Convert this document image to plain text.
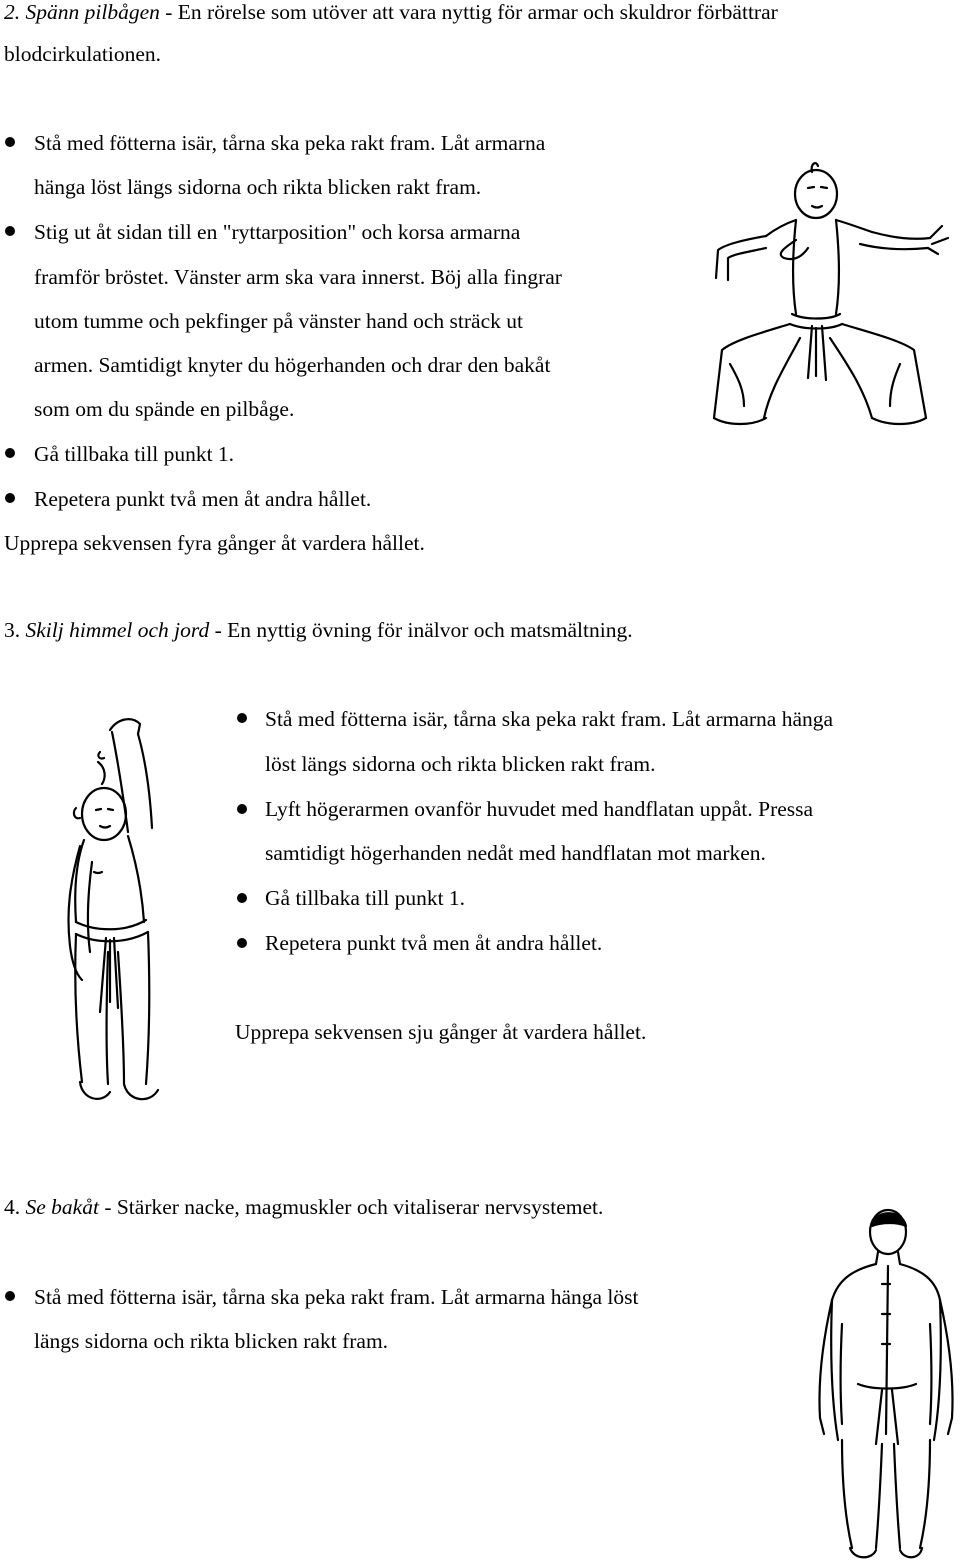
2. Spänn pilbågen - En rörelse som utöver att vara nyttig för armar och skuldror förbättrar
blodcirkulationen.
Stå med fötterna isär, tårna ska peka rakt fram. Låt armarna
hänga löst längs sidorna och rikta blicken rakt fram.
Stig ut åt sidan till en "ryttarposition" och korsa armarna
framför bröstet. Vänster arm ska vara innerst. Böj alla fingrar
utom tumme och pekfinger på vänster hand och sträck ut
armen. Samtidigt knyter du högerhanden och drar den bakåt
som om du spände en pilbåge.
Gå tillbaka till punkt 1.
Repetera punkt två men åt andra hållet.
Upprepa sekvensen fyra gånger åt vardera hållet.
3. Skilj himmel och jord - En nyttig övning för inälvor och matsmältning.
Stå med fötterna isär, tårna ska peka rakt fram. Låt armarna hänga
löst längs sidorna och rikta blicken rakt fram.
Lyft högerarmen ovanför huvudet med handflatan uppåt. Pressa
samtidigt högerhanden nedåt med handflatan mot marken.
Gå tillbaka till punkt 1.
Repetera punkt två men åt andra hållet.
Upprepa sekvensen sju gånger åt vardera hållet.
4. Se bakåt - Stärker nacke, magmuskler och vitaliserar nervsystemet.
Stå med fötterna isär, tårna ska peka rakt fram. Låt armarna hänga löst
längs sidorna och rikta blicken rakt fram.
